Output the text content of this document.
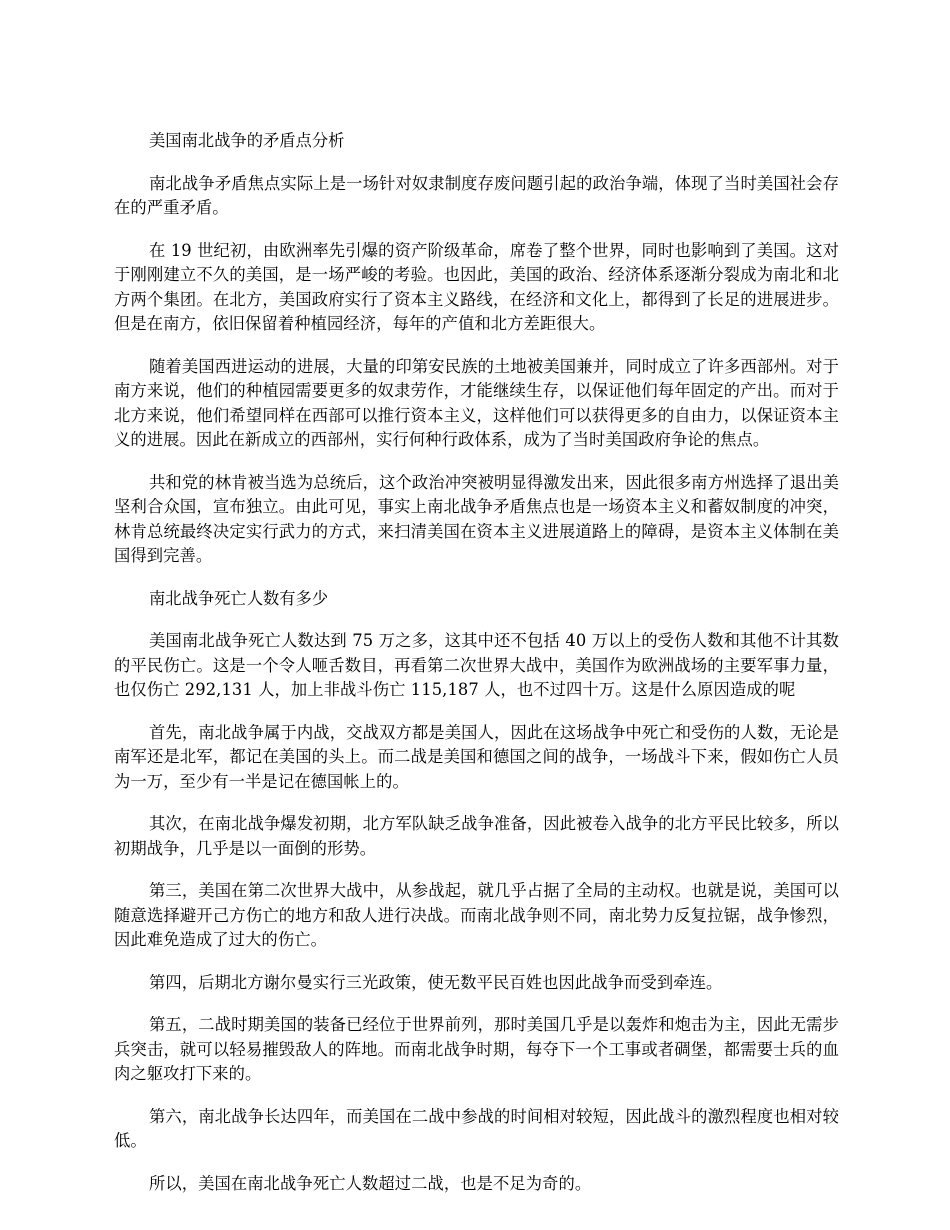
美国南北战争的矛盾点分析

南北战争矛盾焦点实际上是一场针对奴隶制度存废问题引起的政治争端，体现了当时美国社会存在的严重矛盾。

在 19 世纪初，由欧洲率先引爆的资产阶级革命，席卷了整个世界，同时也影响到了美国。这对于刚刚建立不久的美国，是一场严峻的考验。也因此，美国的政治、经济体系逐渐分裂成为南北和北方两个集团。在北方，美国政府实行了资本主义路线，在经济和文化上，都得到了长足的进展进步。但是在南方，依旧保留着种植园经济，每年的产值和北方差距很大。

随着美国西进运动的进展，大量的印第安民族的土地被美国兼并，同时成立了许多西部州。对于南方来说，他们的种植园需要更多的奴隶劳作，才能继续生存，以保证他们每年固定的产出。而对于北方来说，他们希望同样在西部可以推行资本主义，这样他们可以获得更多的自由力，以保证资本主义的进展。因此在新成立的西部州，实行何种行政体系，成为了当时美国政府争论的焦点。

共和党的林肯被当选为总统后，这个政治冲突被明显得激发出来，因此很多南方州选择了退出美坚利合众国，宣布独立。由此可见，事实上南北战争矛盾焦点也是一场资本主义和蓄奴制度的冲突，林肯总统最终决定实行武力的方式，来扫清美国在资本主义进展道路上的障碍，是资本主义体制在美国得到完善。

南北战争死亡人数有多少

美国南北战争死亡人数达到 75 万之多，这其中还不包括 40 万以上的受伤人数和其他不计其数的平民伤亡。这是一个令人咂舌数目，再看第二次世界大战中，美国作为欧洲战场的主要军事力量，也仅伤亡 292,131 人，加上非战斗伤亡 115,187 人，也不过四十万。这是什么原因造成的呢

首先，南北战争属于内战，交战双方都是美国人，因此在这场战争中死亡和受伤的人数，无论是南军还是北军，都记在美国的头上。而二战是美国和德国之间的战争，一场战斗下来，假如伤亡人员为一万，至少有一半是记在德国帐上的。

其次，在南北战争爆发初期，北方军队缺乏战争准备，因此被卷入战争的北方平民比较多，所以初期战争，几乎是以一面倒的形势。

第三，美国在第二次世界大战中，从参战起，就几乎占据了全局的主动权。也就是说，美国可以随意选择避开己方伤亡的地方和敌人进行决战。而南北战争则不同，南北势力反复拉锯，战争惨烈，因此难免造成了过大的伤亡。

第四，后期北方谢尔曼实行三光政策，使无数平民百姓也因此战争而受到牵连。

第五，二战时期美国的装备已经位于世界前列，那时美国几乎是以轰炸和炮击为主，因此无需步兵突击，就可以轻易摧毁敌人的阵地。而南北战争时期，每夺下一个工事或者碉堡，都需要士兵的血肉之躯攻打下来的。

第六，南北战争长达四年，而美国在二战中参战的时间相对较短，因此战斗的激烈程度也相对较低。

所以，美国在南北战争死亡人数超过二战，也是不足为奇的。
